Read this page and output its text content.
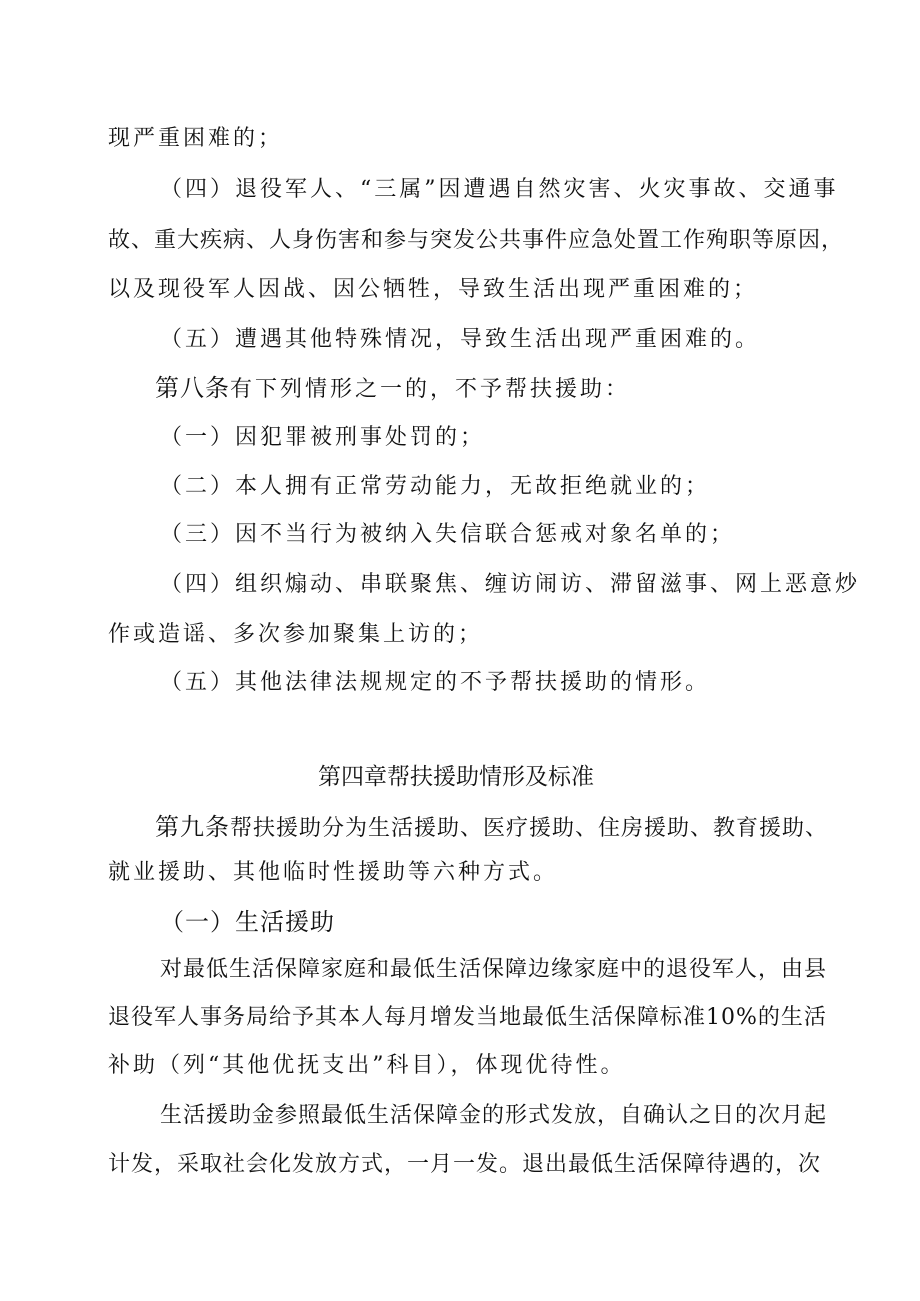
现严重困难的；
（四）退役军人、“三属”因遭遇自然灾害、火灾事故、交通事
故、重大疾病、人身伤害和参与突发公共事件应急处置工作殉职等原因，
以及现役军人因战、因公牺牲，导致生活出现严重困难的；
（五）遭遇其他特殊情况，导致生活出现严重困难的。
第八条有下列情形之一的，不予帮扶援助：
（一）因犯罪被刑事处罚的；
（二）本人拥有正常劳动能力，无故拒绝就业的；
（三）因不当行为被纳入失信联合惩戒对象名单的；
（四）组织煽动、串联聚焦、缠访闹访、滞留滋事、网上恶意炒
作或造谣、多次参加聚集上访的；
（五）其他法律法规规定的不予帮扶援助的情形。
第四章帮扶援助情形及标准
第九条帮扶援助分为生活援助、医疗援助、住房援助、教育援助、
就业援助、其他临时性援助等六种方式。
（一）生活援助
对最低生活保障家庭和最低生活保障边缘家庭中的退役军人，由县
退役军人事务局给予其本人每月增发当地最低生活保障标准10%的生活
补助（列“其他优抚支出”科目），体现优待性。
生活援助金参照最低生活保障金的形式发放，自确认之日的次月起
计发，采取社会化发放方式，一月一发。退出最低生活保障待遇的，次
